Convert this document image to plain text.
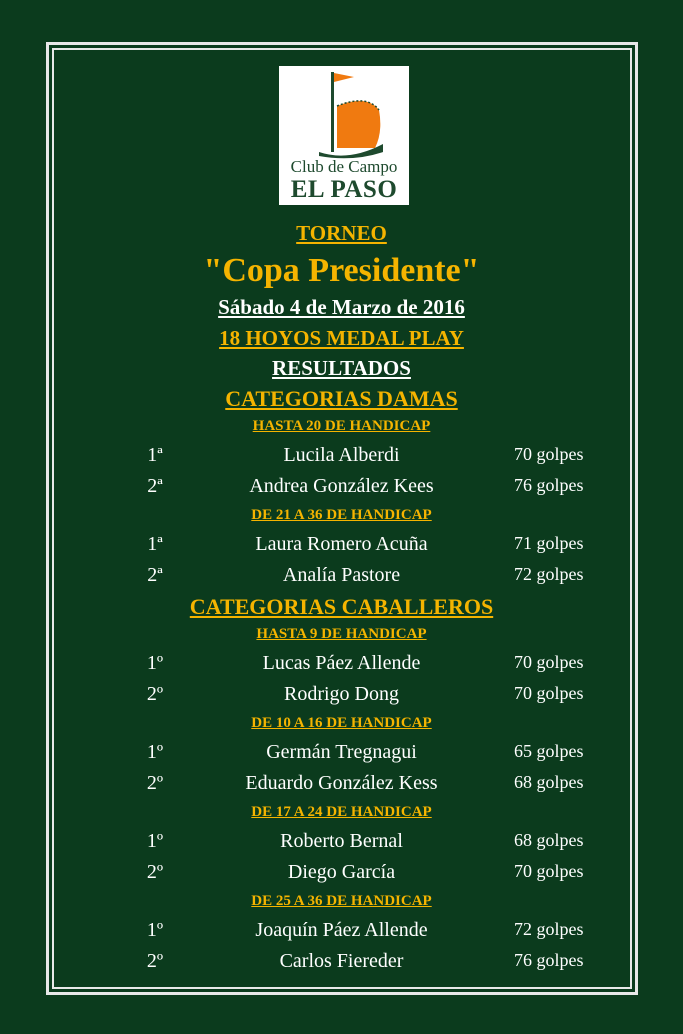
Club de Campo
EL PASO
TORNEO
"Copa Presidente"
Sábado 4 de Marzo de 2016
18 HOYOS MEDAL PLAY
RESULTADOS
CATEGORIAS DAMAS
HASTA 20 DE HANDICAP
1ª	Lucila Alberdi	70 golpes
2ª	Andrea González Kees	76 golpes
DE 21 A 36 DE HANDICAP
1ª	Laura Romero Acuña	71 golpes
2ª	Analía Pastore	72 golpes
CATEGORIAS CABALLEROS
HASTA 9 DE HANDICAP
1º	Lucas Páez Allende	70 golpes
2º	Rodrigo Dong	70 golpes
DE 10 A 16 DE HANDICAP
1º	Germán Tregnagui	65 golpes
2º	Eduardo González Kess	68 golpes
DE 17 A 24 DE HANDICAP
1º	Roberto Bernal	68 golpes
2º	Diego García	70 golpes
DE 25 A 36 DE HANDICAP
1º	Joaquín Páez Allende	72 golpes
2º	Carlos Fiereder	76 golpes
